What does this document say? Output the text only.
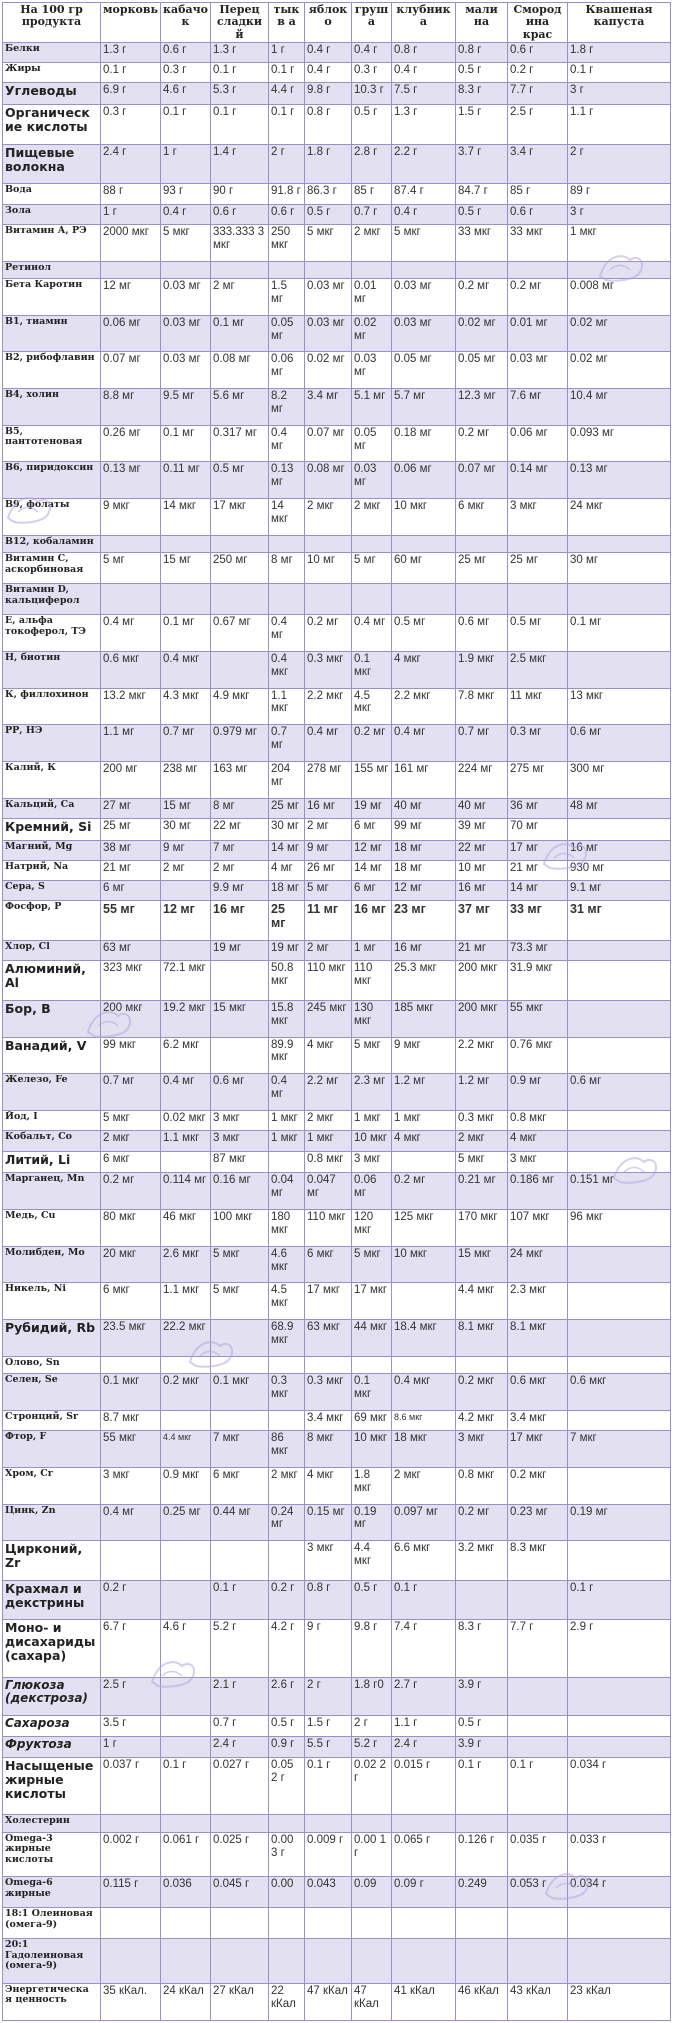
На 100 гр продукта	морковь	кабачо к	Перец сладкий	тыкв а	яблок о	груш а	клубник а	мали на	Смород ина крас	Квашеная капуста
Белки	1.3 г	0.6 г	1.3 г	1 г	0.4 г	0.4 г	0.8 г	0.8 г	0.6 г	1.8 г
Жиры	0.1 г	0.3 г	0.1 г	0.1 г	0.4 г	0.3 г	0.4 г	0.5 г	0.2 г	0.1 г
Углеводы	6.9 г	4.6 г	5.3 г	4.4 г	9.8 г	10.3 г	7.5 г	8.3 г	7.7 г	3 г
Органическ ие кислоты	0.3 г	0.1 г	0.1 г	0.1 г	0.8 г	0.5 г	1.3 г	1.5 г	2.5 г	1.1 г
Пищевые волокна	2.4 г	1 г	1.4 г	2 г	1.8 г	2.8 г	2.2 г	3.7 г	3.4 г	2 г
Вода	88 г	93 г	90 г	91.8 г	86.3 г	85 г	87.4 г	84.7 г	85 г	89 г
Зола	1 г	0.4 г	0.6 г	0.6 г	0.5 г	0.7 г	0.4 г	0.5 г	0.6 г	3 г
Витамин А, РЭ	2000 мкг	5 мкг	333.333 3 мкг	250 мкг	5 мкг	2 мкг	5 мкг	33 мкг	33 мкг	1 мкг
Ретинол										
Бета Каротин	12 мг	0.03 мг	2 мг	1.5 мг	0.03 мг	0.01 мг	0.03 мг	0.2 мг	0.2 мг	0.008 мг
В1, тиамин	0.06 мг	0.03 мг	0.1 мг	0.05 мг	0.03 мг	0.02 мг	0.03 мг	0.02 мг	0.01 мг	0.02 мг
В2, рибофлавин	0.07 мг	0.03 мг	0.08 мг	0.06 мг	0.02 мг	0.03 мг	0.05 мг	0.05 мг	0.03 мг	0.02 мг
В4, холин	8.8 мг	9.5 мг	5.6 мг	8.2 мг	3.4 мг	5.1 мг	5.7 мг	12.3 мг	7.6 мг	10.4 мг
В5, пантотеновая	0.26 мг	0.1 мг	0.317 мг	0.4 мг	0.07 мг	0.05 мг	0.18 мг	0.2 мг	0.06 мг	0.093 мг
В6, пиридоксин	0.13 мг	0.11 мг	0.5 мг	0.13 мг	0.08 мг	0.03 мг	0.06 мг	0.07 мг	0.14 мг	0.13 мг
В9, фолаты	9 мкг	14 мкг	17 мкг	14 мкг	2 мкг	2 мкг	10 мкг	6 мкг	3 мкг	24 мкг
В12, кобаламин										
Витамин С, аскорбиновая	5 мг	15 мг	250 мг	8 мг	10 мг	5 мг	60 мг	25 мг	25 мг	30 мг
Витамин D, кальциферол										
Е, альфа токоферол, ТЭ	0.4 мг	0.1 мг	0.67 мг	0.4 мг	0.2 мг	0.4 мг	0.5 мг	0.6 мг	0.5 мг	0.1 мг
Н, биотин	0.6 мкг	0.4 мкг		0.4 мкг	0.3 мкг	0.1 мкг	4 мкг	1.9 мкг	2.5 мкг	
К, филлохинон	13.2 мкг	4.3 мкг	4.9 мкг	1.1 мкг	2.2 мкг	4.5 мкг	2.2 мкг	7.8 мкг	11 мкг	13 мкг
РР, НЭ	1.1 мг	0.7 мг	0.979 мг	0.7 мг	0.4 мг	0.2 мг	0.4 мг	0.7 мг	0.3 мг	0.6 мг
Калий, К	200 мг	238 мг	163 мг	204 мг	278 мг	155 мг	161 мг	224 мг	275 мг	300 мг
Кальций, Са	27 мг	15 мг	8 мг	25 мг	16 мг	19 мг	40 мг	40 мг	36 мг	48 мг
Кремний, Si	25 мг	30 мг	22 мг	30 мг	2 мг	6 мг	99 мг	39 мг	70 мг	
Магний, Mg	38 мг	9 мг	7 мг	14 мг	9 мг	12 мг	18 мг	22 мг	17 мг	16 мг
Натрий, Na	21 мг	2 мг	2 мг	4 мг	26 мг	14 мг	18 мг	10 мг	21 мг	930 мг
Сера, S	6 мг		9.9 мг	18 мг	5 мг	6 мг	12 мг	16 мг	14 мг	9.1 мг
Фосфор, Р	55 мг	12 мг	16 мг	25 мг	11 мг	16 мг	23 мг	37 мг	33 мг	31 мг
Хлор, Cl	63 мг		19 мг	19 мг	2 мг	1 мг	16 мг	21 мг	73.3 мг	
Алюминий, Al	323 мкг	72.1 мкг		50.8 мкг	110 мкг	110 мкг	25.3 мкг	200 мкг	31.9 мкг	
Бор, В	200 мкг	19.2 мкг	15 мкг	15.8 мкг	245 мкг	130 мкг	185 мкг	200 мкг	55 мкг	
Ванадий, V	99 мкг	6.2 мкг		89.9 мкг	4 мкг	5 мкг	9 мкг	2.2 мкг	0.76 мкг	
Железо, Fe	0.7 мг	0.4 мг	0.6 мг	0.4 мг	2.2 мг	2.3 мг	1.2 мг	1.2 мг	0.9 мг	0.6 мг
Йод, I	5 мкг	0.02 мкг	3 мкг	1 мкг	2 мкг	1 мкг	1 мкг	0.3 мкг	0.8 мкг	
Кобальт, Со	2 мкг	1.1 мкг	3 мкг	1 мкг	1 мкг	10 мкг	4 мкг	2 мкг	4 мкг	
Литий, Li	6 мкг		87 мкг		0.8 мкг	3 мкг		5 мкг	3 мкг	
Марганец, Mn	0.2 мг	0.114 мг	0.16 мг	0.04 мг	0.047 мг	0.06 мг	0.2 мг	0.21 мг	0.186 мг	0.151 мг
Медь, Cu	80 мкг	46 мкг	100 мкг	180 мкг	110 мкг	120 мкг	125 мкг	170 мкг	107 мкг	96 мкг
Молибден, Мо	20 мкг	2.6 мкг	5 мкг	4.6 мкг	6 мкг	5 мкг	10 мкг	15 мкг	24 мкг	
Никель, Ni	6 мкг	1.1 мкг	5 мкг	4.5 мкг	17 мкг	17 мкг		4.4 мкг	2.3 мкг	
Рубидий, Rb	23.5 мкг	22.2 мкг		68.9 мкг	63 мкг	44 мкг	18.4 мкг	8.1 мкг	8.1 мкг	
Олово, Sn										
Селен, Se	0.1 мкг	0.2 мкг	0.1 мкг	0.3 мкг	0.3 мкг	0.1 мкг	0.4 мкг	0.2 мкг	0.6 мкг	0.6 мкг
Стронций, Sr	8.7 мкг				3.4 мкг	69 мкг	8.6 мкг	4.2 мкг	3.4 мкг	
Фтор, F	55 мкг	4.4 мкг	7 мкг	86 мкг	8 мкг	10 мкг	18 мкг	3 мкг	17 мкг	7 мкг
Хром, Cr	3 мкг	0.9 мкг	6 мкг	2 мкг	4 мкг	1.8 мкг	2 мкг	0.8 мкг	0.2 мкг	
Цинк, Zn	0.4 мг	0.25 мг	0.44 мг	0.24 мг	0.15 мг	0.19 мг	0.097 мг	0.2 мг	0.23 мг	0.19 мг
Цирконий, Zr					3 мкг	4.4 мкг	6.6 мкг	3.2 мкг	8.3 мкг	
Крахмал и декстрины	0.2 г		0.1 г	0.2 г	0.8 г	0.5 г	0.1 г			0.1 г
Моно- и дисахариды (сахара)	6.7 г	4.6 г	5.2 г	4.2 г	9 г	9.8 г	7.4 г	8.3 г	7.7 г	2.9 г
Глюкоза (декстроза)	2.5 г		2.1 г	2.6 г	2 г	1.8 г0	2.7 г	3.9 г		
Сахароза	3.5 г		0.7 г	0.5 г	1.5 г	2 г	1.1 г	0.5 г		
Фруктоза	1 г		2.4 г	0.9 г	5.5 г	5.2 г	2.4 г	3.9 г		
Насыщеные жирные кислоты	0.037 г	0.1 г	0.027 г	0.05 2 г	0.1 г	0.02 2 г	0.015 г	0.1 г	0.1 г	0.034 г
Холестерин										
Omega-3 жирные кислоты	0.002 г	0.061 г	0.025 г	0.00 3 г	0.009 г	0.00 1 г	0.065 г	0.126 г	0.035 г	0.033 г
Omega-6 жирные	0.115 г	0.036	0.045 г	0.00	0.043	0.09	0.09 г	0.249	0.053 г	0.034 г
18:1 Олеиновая (омега-9)										
20:1 Гадолеиновая (омега-9)										
Энергетическа я ценность	35 кКал.	24 кКал	27 кКал	22 кКал	47 кКал	47 кКал	41 кКал	46 кКал	43 кКал	23 кКал
